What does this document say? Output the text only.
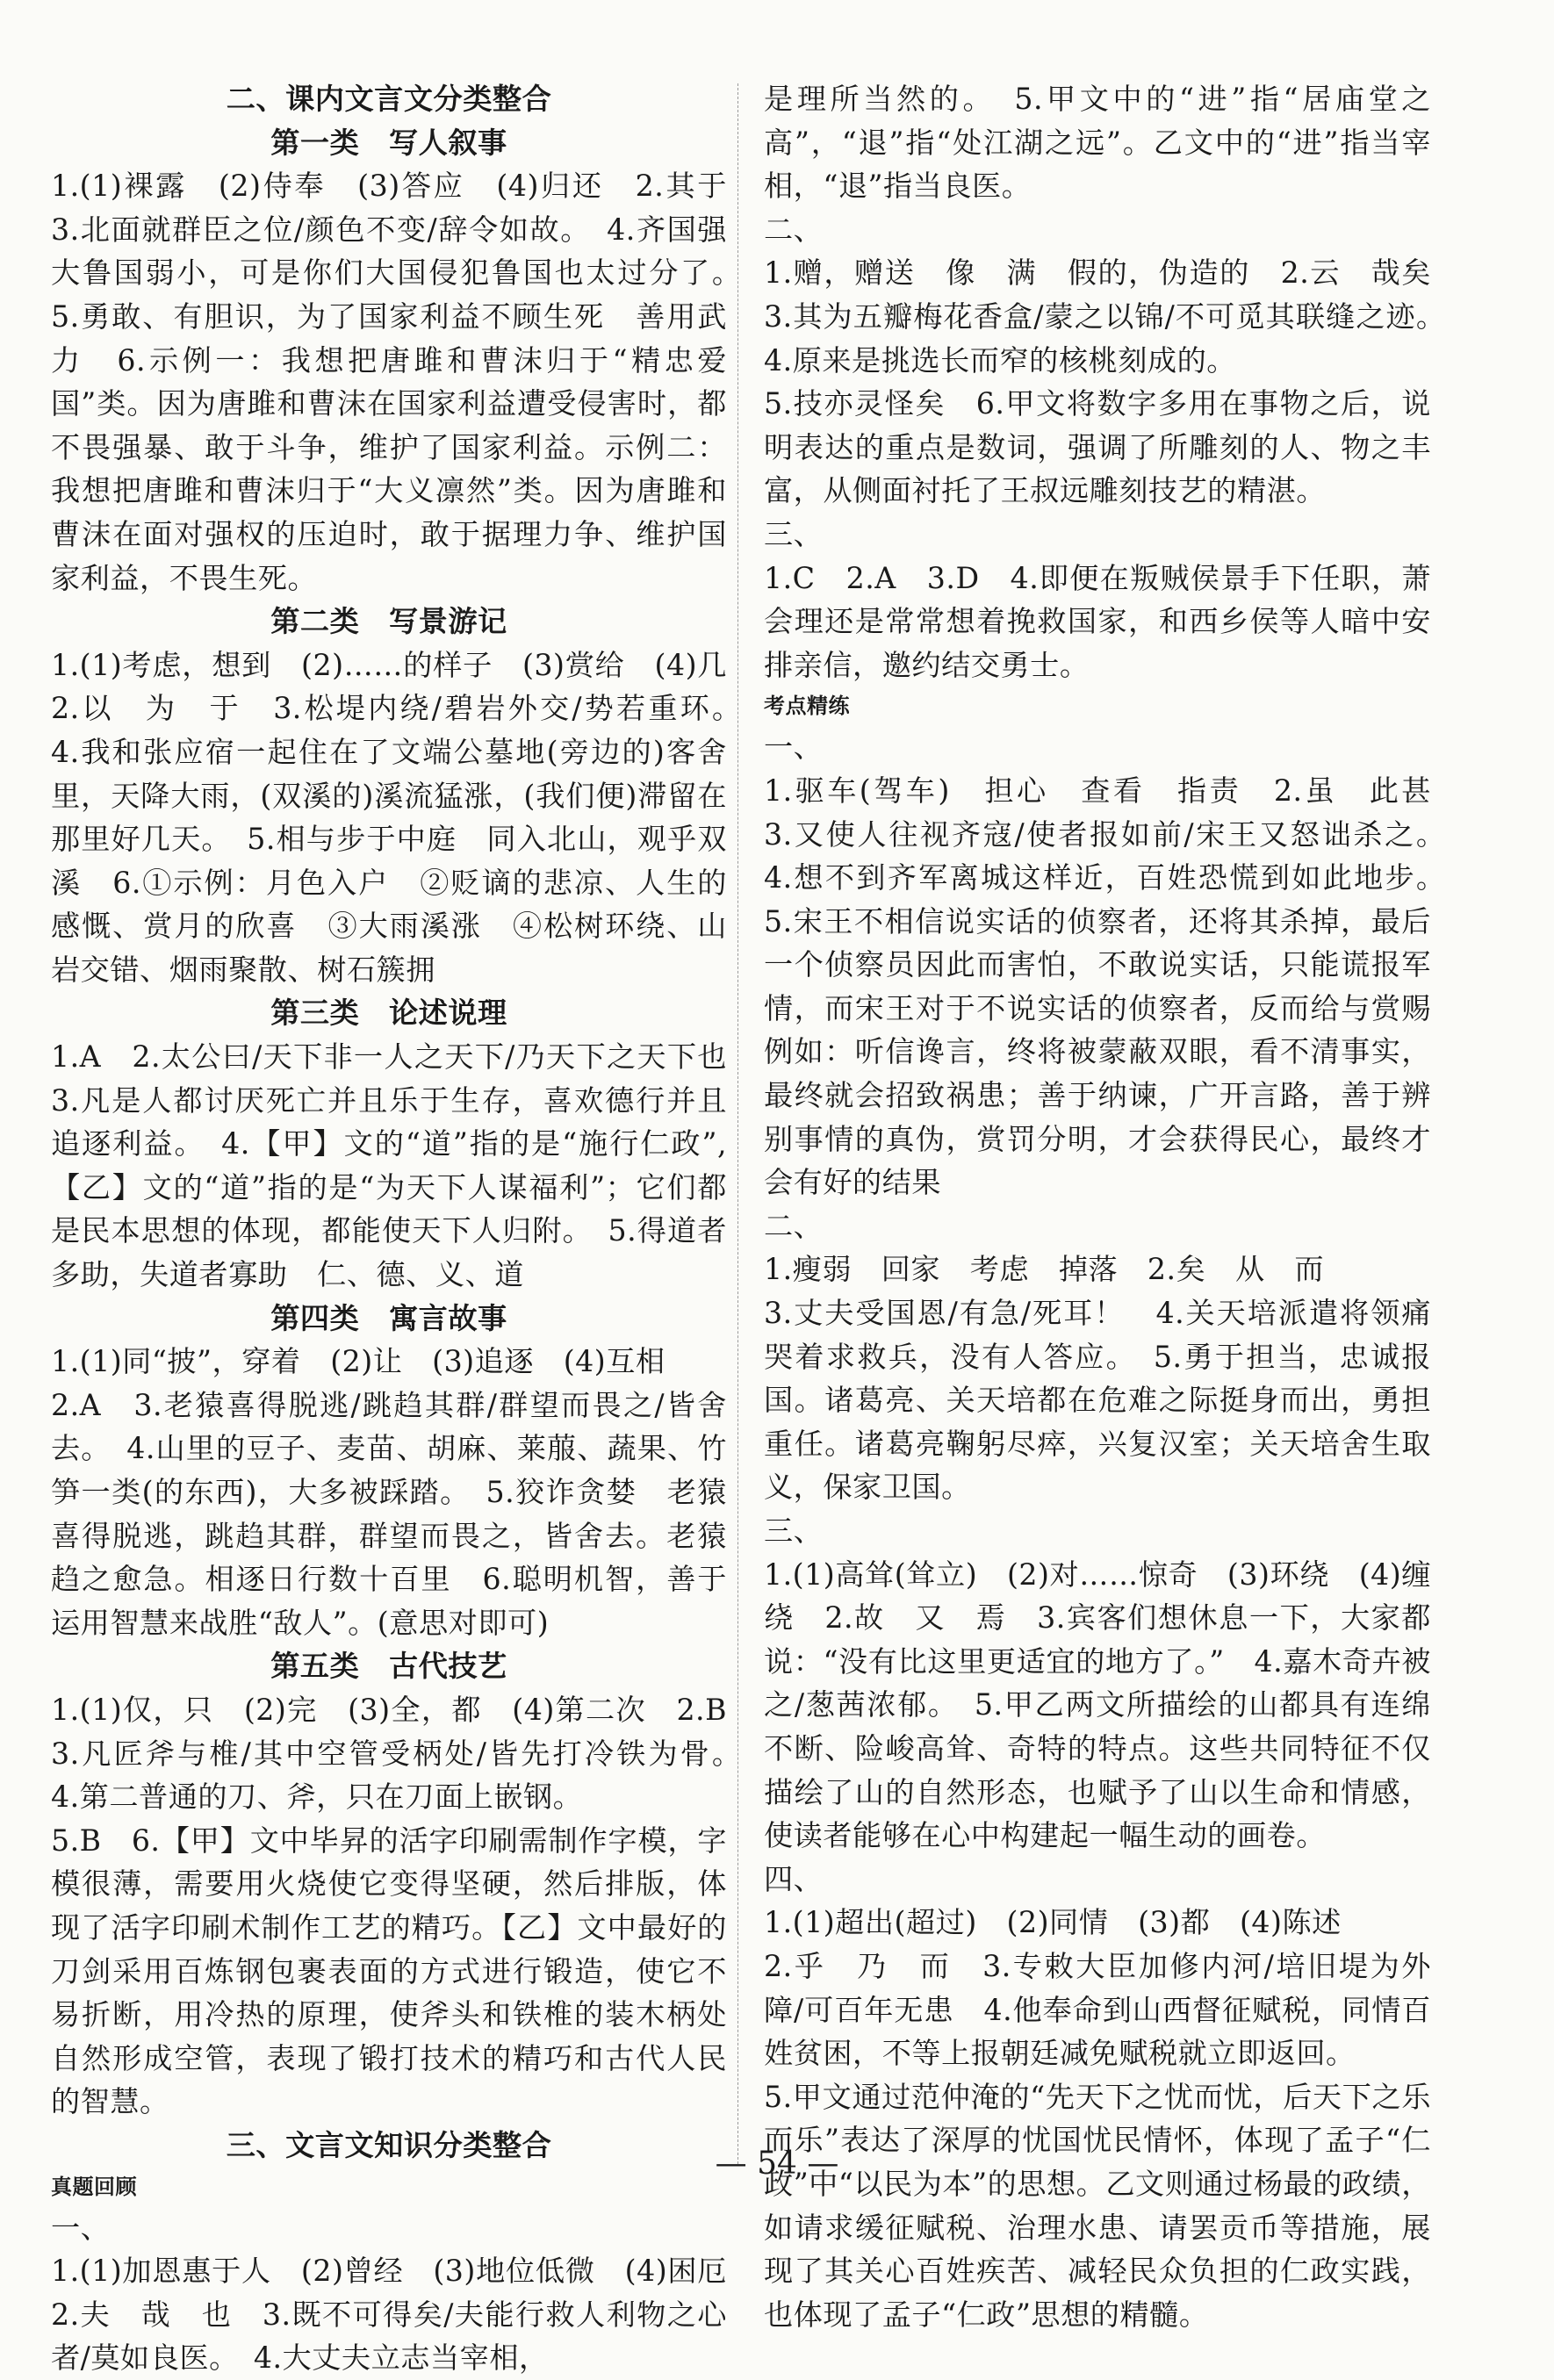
二、课内文言文分类整合

第一类　写人叙事

1.(1)裸露　(2)侍奉　(3)答应　(4)归还　2.其于　3.北面就群臣之位/颜色不变/辞令如故。　4.齐国强大鲁国弱小，可是你们大国侵犯鲁国也太过分了。　5.勇敢、有胆识，为了国家利益不顾生死　善用武力　6.示例一：我想把唐雎和曹沫归于“精忠爱国”类。因为唐雎和曹沫在国家利益遭受侵害时，都不畏强暴、敢于斗争，维护了国家利益。示例二：我想把唐雎和曹沫归于“大义凛然”类。因为唐雎和曹沫在面对强权的压迫时，敢于据理力争、维护国家利益，不畏生死。

第二类　写景游记

1.(1)考虑，想到　(2)……的样子　(3)赏给　(4)几　2.以　为　于　3.松堤内绕/碧岩外交/势若重环。　4.我和张应宿一起住在了文端公墓地(旁边的)客舍里，天降大雨，(双溪的)溪流猛涨，(我们便)滞留在那里好几天。　5.相与步于中庭　同入北山，观乎双溪　6.①示例：月色入户　②贬谪的悲凉、人生的感慨、赏月的欣喜　③大雨溪涨　④松树环绕、山岩交错、烟雨聚散、树石簇拥

第三类　论述说理

1.A　2.太公曰/天下非一人之天下/乃天下之天下也　3.凡是人都讨厌死亡并且乐于生存，喜欢德行并且追逐利益。　4.【甲】文的“道”指的是“施行仁政”,【乙】文的“道”指的是“为天下人谋福利”；它们都是民本思想的体现，都能使天下人归附。　5.得道者多助，失道者寡助　仁、德、义、道

第四类　寓言故事

1.(1)同“披”，穿着　(2)让　(3)追逐　(4)互相

2.A　3.老猿喜得脱逃/跳趋其群/群望而畏之/皆舍去。　4.山里的豆子、麦苗、胡麻、莱菔、蔬果、竹笋一类(的东西)，大多被踩踏。　5.狡诈贪婪　老猿喜得脱逃，跳趋其群，群望而畏之，皆舍去。老猿趋之愈急。相逐日行数十百里　6.聪明机智，善于运用智慧来战胜“敌人”。(意思对即可)

第五类　古代技艺

1.(1)仅，只　(2)完　(3)全，都　(4)第二次　2.B　3.凡匠斧与椎/其中空管受柄处/皆先打冷铁为骨。　4.第二普通的刀、斧，只在刀面上嵌钢。

5.B　6.【甲】文中毕昇的活字印刷需制作字模，字模很薄，需要用火烧使它变得坚硬，然后排版，体现了活字印刷术制作工艺的精巧。【乙】文中最好的刀剑采用百炼钢包裹表面的方式进行锻造，使它不易折断，用冷热的原理，使斧头和铁椎的装木柄处自然形成空管，表现了锻打技术的精巧和古代人民的智慧。

三、文言文知识分类整合

真题回顾

一、

1.(1)加恩惠于人　(2)曾经　(3)地位低微　(4)困厄　2.夫　哉　也　3.既不可得矣/夫能行救人利物之心者/莫如良医。　4.大丈夫立志当宰相，

是理所当然的。　5.甲文中的“进”指“居庙堂之高”，“退”指“处江湖之远”。乙文中的“进”指当宰相，“退”指当良医。

二、

1.赠，赠送　像　满　假的，伪造的　2.云　哉矣　3.其为五瓣梅花香盒/蒙之以锦/不可觅其联缝之迹。　4.原来是挑选长而窄的核桃刻成的。

5.技亦灵怪矣　6.甲文将数字多用在事物之后，说明表达的重点是数词，强调了所雕刻的人、物之丰富，从侧面衬托了王叔远雕刻技艺的精湛。

三、

1.C　2.A　3.D　4.即便在叛贼侯景手下任职，萧会理还是常常想着挽救国家，和西乡侯等人暗中安排亲信，邀约结交勇士。

考点精练

一、

1.驱车(驾车)　担心　查看　指责　2.虽　此甚　3.又使人往视齐寇/使者报如前/宋王又怒诎杀之。　4.想不到齐军离城这样近，百姓恐慌到如此地步。　5.宋王不相信说实话的侦察者，还将其杀掉，最后一个侦察员因此而害怕，不敢说实话，只能谎报军情，而宋王对于不说实话的侦察者，反而给与赏赐　例如：听信谗言，终将被蒙蔽双眼，看不清事实，最终就会招致祸患；善于纳谏，广开言路，善于辨别事情的真伪，赏罚分明，才会获得民心，最终才会有好的结果

二、

1.瘦弱　回家　考虑　掉落　2.矣　从　而

3.丈夫受国恩/有急/死耳！　4.关天培派遣将领痛哭着求救兵，没有人答应。　5.勇于担当，忠诚报国。诸葛亮、关天培都在危难之际挺身而出，勇担重任。诸葛亮鞠躬尽瘁，兴复汉室；关天培舍生取义，保家卫国。

三、

1.(1)高耸(耸立)　(2)对……惊奇　(3)环绕　(4)缠绕　2.故　又　焉　3.宾客们想休息一下，大家都说：“没有比这里更适宜的地方了。”　4.嘉木奇卉被之/葱茜浓郁。　5.甲乙两文所描绘的山都具有连绵不断、险峻高耸、奇特的特点。这些共同特征不仅描绘了山的自然形态，也赋予了山以生命和情感，使读者能够在心中构建起一幅生动的画卷。

四、

1.(1)超出(超过)　(2)同情　(3)都　(4)陈述

2.乎　乃　而　3.专敕大臣加修内河/培旧堤为外障/可百年无患　4.他奉命到山西督征赋税，同情百姓贫困，不等上报朝廷减免赋税就立即返回。

5.甲文通过范仲淹的“先天下之忧而忧，后天下之乐而乐”表达了深厚的忧国忧民情怀，体现了孟子“仁政”中“以民为本”的思想。乙文则通过杨最的政绩，如请求缓征赋税、治理水患、请罢贡币等措施，展现了其关心百姓疾苦、减轻民众负担的仁政实践，也体现了孟子“仁政”思想的精髓。

— 54 —
